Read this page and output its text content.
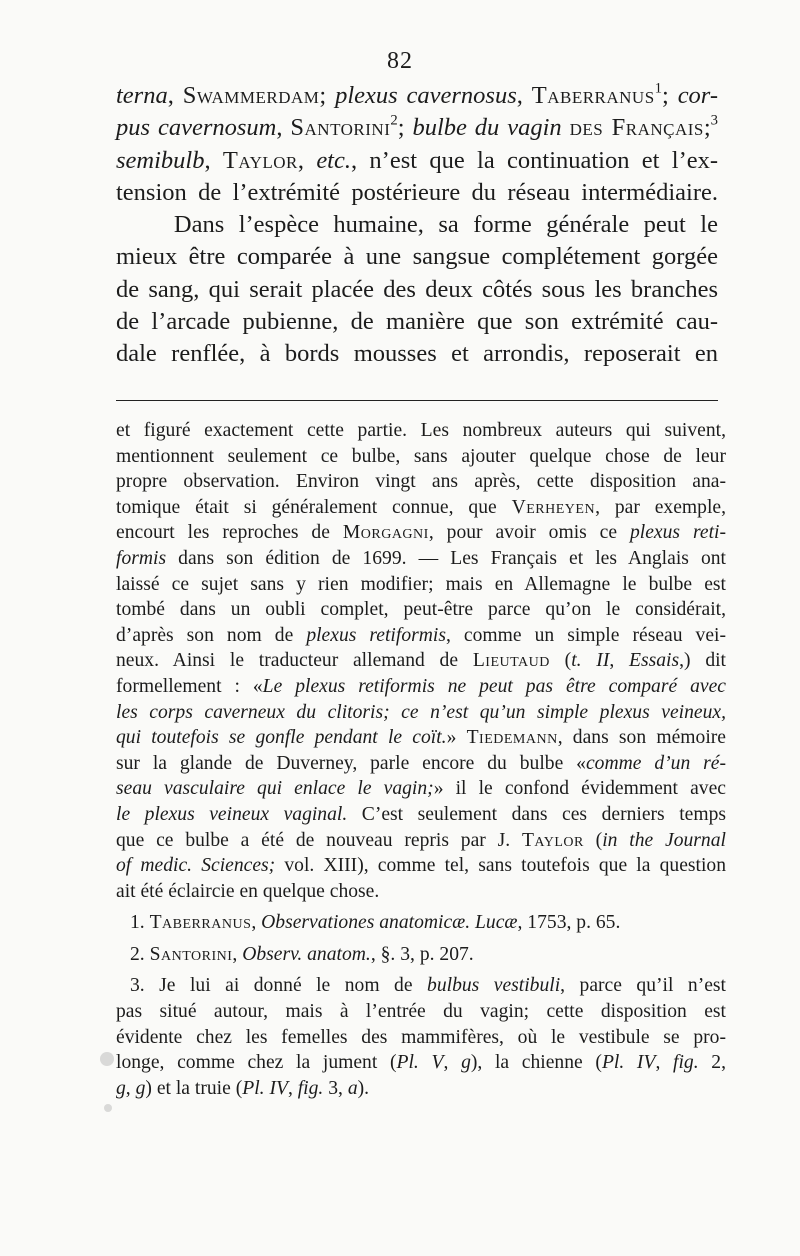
82
terna, Swammerdam; plexus cavernosus, Taberranus$^1$; cor-
pus cavernosum, Santorini$^2$; bulbe du vagin des Français;$^3$
semibulb, Taylor, etc., n’est que la continuation et l’ex-
tension de l’extrémité postérieure du réseau intermédiaire.
Dans l’espèce humaine, sa forme générale peut le
mieux être comparée à une sangsue complétement gorgée
de sang, qui serait placée des deux côtés sous les branches
de l’arcade pubienne, de manière que son extrémité cau-
dale renflée, à bords mousses et arrondis, reposerait en
et figuré exactement cette partie. Les nombreux auteurs qui suivent,
mentionnent seulement ce bulbe, sans ajouter quelque chose de leur
propre observation. Environ vingt ans après, cette disposition ana-
tomique était si généralement connue, que Verheyen, par exemple,
encourt les reproches de Morgagni, pour avoir omis ce plexus reti-
formis dans son édition de 1699. — Les Français et les Anglais ont
laissé ce sujet sans y rien modifier; mais en Allemagne le bulbe est
tombé dans un oubli complet, peut-être parce qu’on le considérait,
d’après son nom de plexus retiformis, comme un simple réseau vei-
neux. Ainsi le traducteur allemand de Lieutaud (t. II, Essais,) dit
formellement : «Le plexus retiformis ne peut pas être comparé avec
les corps caverneux du clitoris; ce n’est qu’un simple plexus veineux,
qui toutefois se gonfle pendant le coït.» Tiedemann, dans son mémoire
sur la glande de Duverney, parle encore du bulbe «comme d’un ré-
seau vasculaire qui enlace le vagin;» il le confond évidemment avec
le plexus veineux vaginal. C’est seulement dans ces derniers temps
que ce bulbe a été de nouveau repris par J. Taylor (in the Journal
of medic. Sciences; vol. XIII), comme tel, sans toutefois que la question
ait été éclaircie en quelque chose.
1. Taberranus, Observationes anatomicæ. Lucæ, 1753, p. 65.
2. Santorini, Observ. anatom., §. 3, p. 207.
3. Je lui ai donné le nom de bulbus vestibuli, parce qu’il n’est
pas situé autour, mais à l’entrée du vagin; cette disposition est
évidente chez les femelles des mammifères, où le vestibule se pro-
longe, comme chez la jument (Pl. V, g), la chienne (Pl. IV, fig. 2,
g, g) et la truie (Pl. IV, fig. 3, a).
